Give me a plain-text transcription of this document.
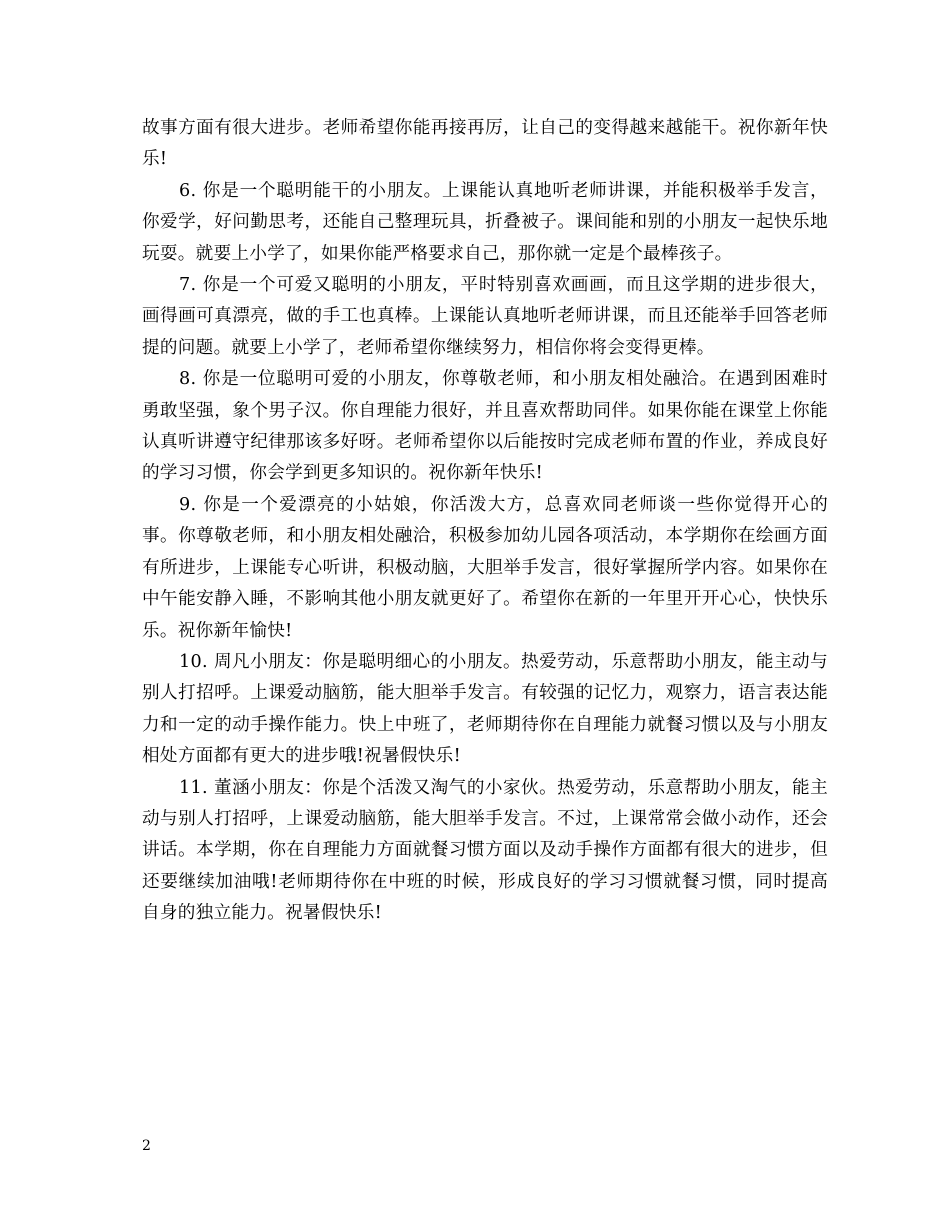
故事方面有很大进步。老师希望你能再接再厉，让自己的变得越来越能干。祝你新年快乐!

6. 你是一个聪明能干的小朋友。上课能认真地听老师讲课，并能积极举手发言，你爱学，好问勤思考，还能自己整理玩具，折叠被子。课间能和别的小朋友一起快乐地玩耍。就要上小学了，如果你能严格要求自己，那你就一定是个最棒孩子。

7. 你是一个可爱又聪明的小朋友，平时特别喜欢画画，而且这学期的进步很大，画得画可真漂亮，做的手工也真棒。上课能认真地听老师讲课，而且还能举手回答老师提的问题。就要上小学了，老师希望你继续努力，相信你将会变得更棒。

8. 你是一位聪明可爱的小朋友，你尊敬老师，和小朋友相处融洽。在遇到困难时勇敢坚强，象个男子汉。你自理能力很好，并且喜欢帮助同伴。如果你能在课堂上你能认真听讲遵守纪律那该多好呀。老师希望你以后能按时完成老师布置的作业，养成良好的学习习惯，你会学到更多知识的。祝你新年快乐!

9. 你是一个爱漂亮的小姑娘，你活泼大方，总喜欢同老师谈一些你觉得开心的事。你尊敬老师，和小朋友相处融洽，积极参加幼儿园各项活动，本学期你在绘画方面有所进步，上课能专心听讲，积极动脑，大胆举手发言，很好掌握所学内容。如果你在中午能安静入睡，不影响其他小朋友就更好了。希望你在新的一年里开开心心，快快乐乐。祝你新年愉快!

10. 周凡小朋友：你是聪明细心的小朋友。热爱劳动，乐意帮助小朋友，能主动与别人打招呼。上课爱动脑筋，能大胆举手发言。有较强的记忆力，观察力，语言表达能力和一定的动手操作能力。快上中班了，老师期待你在自理能力就餐习惯以及与小朋友相处方面都有更大的进步哦!祝暑假快乐!

11. 董涵小朋友：你是个活泼又淘气的小家伙。热爱劳动，乐意帮助小朋友，能主动与别人打招呼，上课爱动脑筋，能大胆举手发言。不过，上课常常会做小动作，还会讲话。本学期，你在自理能力方面就餐习惯方面以及动手操作方面都有很大的进步，但还要继续加油哦!老师期待你在中班的时候，形成良好的学习习惯就餐习惯，同时提高自身的独立能力。祝暑假快乐!

2
